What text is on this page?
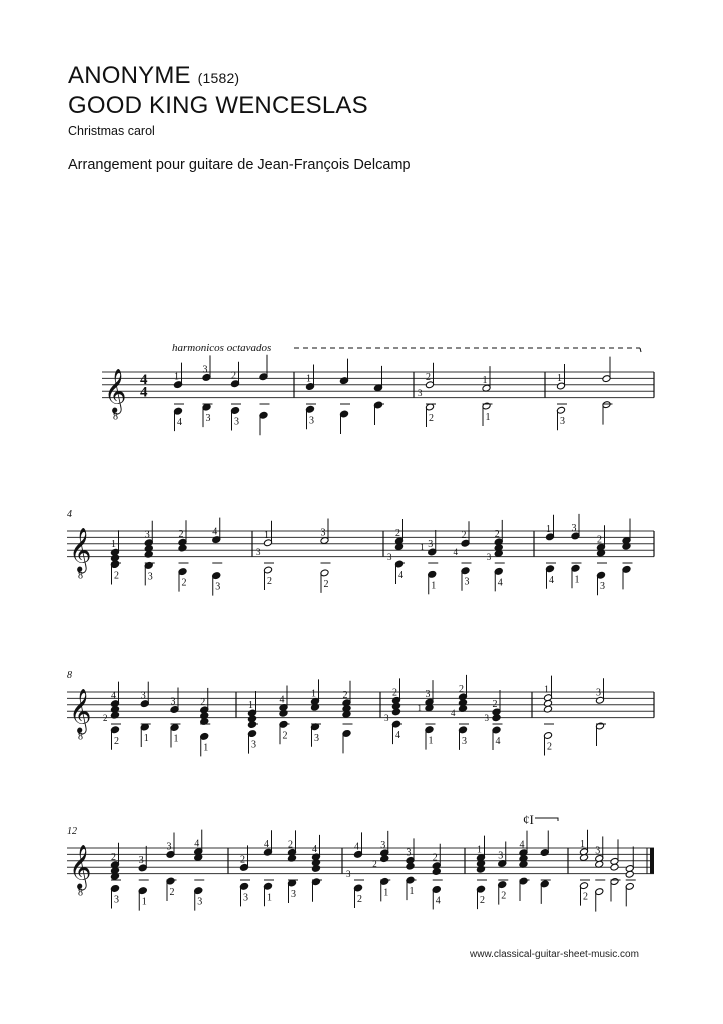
ANONYME (1582)
GOOD KING WENCESLAS
Christmas carol
Arrangement pour guitare de Jean-François Delcamp
𝄞
8
4
4
1
4
3
3
2
3
1
3
2
2
1
1
3
1
3
harmonicos octavados
4
𝄞
8
1
2
3
3
2
2
4
3
1
2
3
2
3
2
4
3
1
2
3
2
4
3
1	4	3
1
4
3
1
2
3
8
𝄞
8
4
2
3
1
3
1
2
1
2
1
3
4
2
1
3
2	2
4
3
1
2
3
2
4
3
1	4	3
1
2
3
12
𝄞
8
2
3
3
1
3
2
4
3
2
3
4
1
2
3
4	4
2
3
1
3
1
2
4
3
2
1
2
3
2
4	1
2
3
¢I
www.classical-guitar-sheet-music.com
